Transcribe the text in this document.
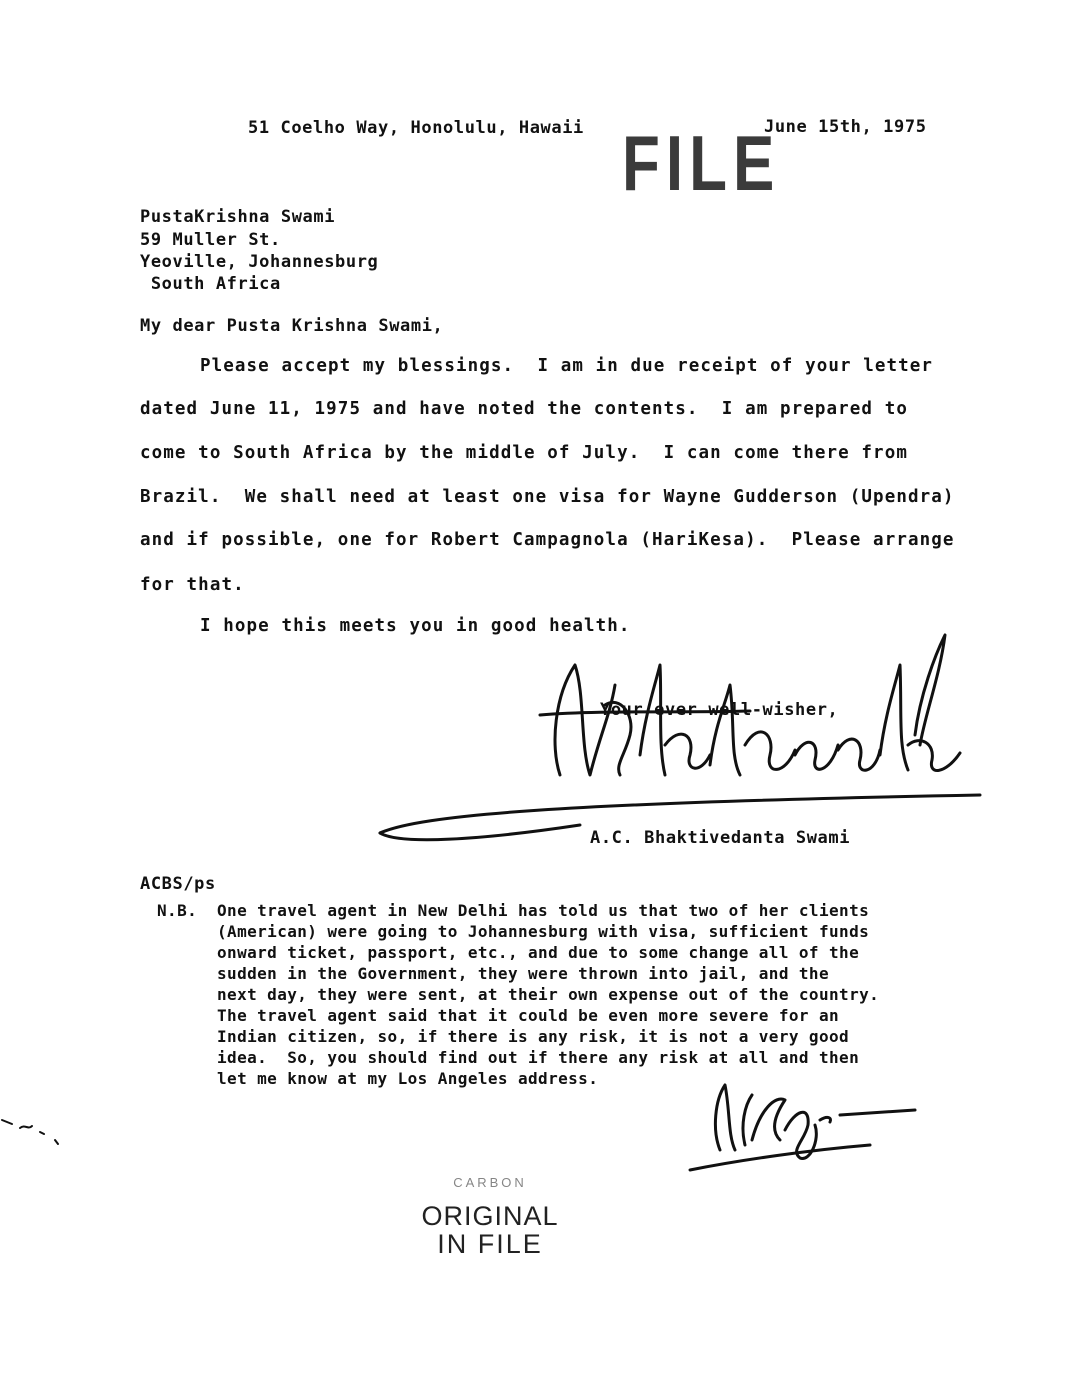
51 Coelho Way, Honolulu, Hawaii	June 15th, 1975
FILE
PustaKrishna Swami
59 Muller St.
Yeoville, Johannesburg
South Africa
My dear Pusta Krishna Swami,
Please accept my blessings.  I am in due receipt of your letter
dated June 11, 1975 and have noted the contents.  I am prepared to
come to South Africa by the middle of July.  I can come there from
Brazil.  We shall need at least one visa for Wayne Gudderson (Upendra)
and if possible, one for Robert Campagnola (HariKesa).  Please arrange
for that.
I hope this meets you in good health.
Your ever well-wisher,
A.C. Bhaktivedanta Swami
ACBS/ps
N.B. One travel agent in New Delhi has told us that two of her clients
(American) were going to Johannesburg with visa, sufficient funds
onward ticket, passport, etc., and due to some change all of the
sudden in the Government, they were thrown into jail, and the
next day, they were sent, at their own expense out of the country.
The travel agent said that it could be even more severe for an
Indian citizen, so, if there is any risk, it is not a very good
idea.  So, you should find out if there any risk at all and then
let me know at my Los Angeles address.
CARBON
ORIGINAL
IN FILE
